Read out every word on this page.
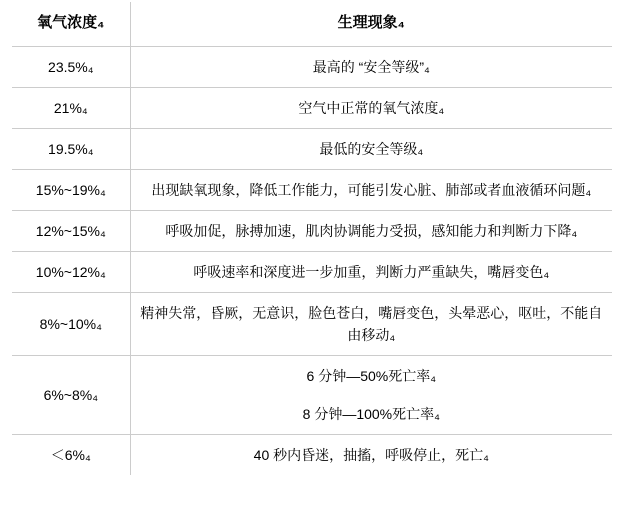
氧气浓度₄	生理现象₄
23.5%₄	最高的 “安全等级”₄

21%₄	空气中正常的氧气浓度₄

19.5%₄	最低的安全等级₄

15%~19%₄	出现缺氧现象，降低工作能力，可能引发心脏、肺部或者血液循环问题₄

12%~15%₄	呼吸加促，脉搏加速，肌肉协调能力受损，感知能力和判断力下降₄

10%~12%₄	呼吸速率和深度进一步加重，判断力严重缺失，嘴唇变色₄

8%~10%₄	精神失常，昏厥，无意识，脸色苍白，嘴唇变色，头晕恶心，呕吐，不能自由移动₄
6%~8%₄	6 分钟—50%死亡率₄
8 分钟—100%死亡率₄

＜6%₄	40 秒内昏迷，抽搐，呼吸停止，死亡₄
